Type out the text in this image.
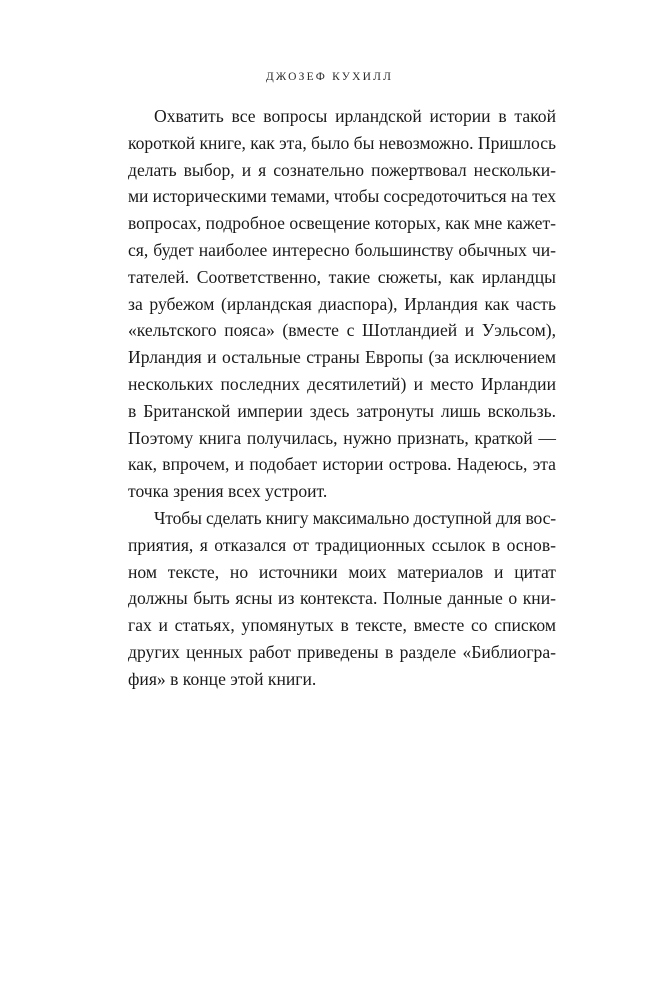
ДЖОЗЕФ КУХИЛЛ

Охватить все вопросы ирландской истории в такой
короткой книге, как эта, было бы невозможно. Пришлось
делать выбор, и я сознательно пожертвовал нескольки-
ми историческими темами, чтобы сосредоточиться на тех
вопросах, подробное освещение которых, как мне кажет-
ся, будет наиболее интересно большинству обычных чи-
тателей. Соответственно, такие сюжеты, как ирландцы
за рубежом (ирландская диаспора), Ирландия как часть
«кельтского пояса» (вместе с Шотландией и Уэльсом),
Ирландия и остальные страны Европы (за исключением
нескольких последних десятилетий) и место Ирландии
в Британской империи здесь затронуты лишь вскользь.
Поэтому книга получилась, нужно признать, краткой —
как, впрочем, и подобает истории острова. Надеюсь, эта
точка зрения всех устроит.

Чтобы сделать книгу максимально доступной для вос-
приятия, я отказался от традиционных ссылок в основ-
ном тексте, но источники моих материалов и цитат
должны быть ясны из контекста. Полные данные о кни-
гах и статьях, упомянутых в тексте, вместе со списком
других ценных работ приведены в разделе «Библиогра-
фия» в конце этой книги.
